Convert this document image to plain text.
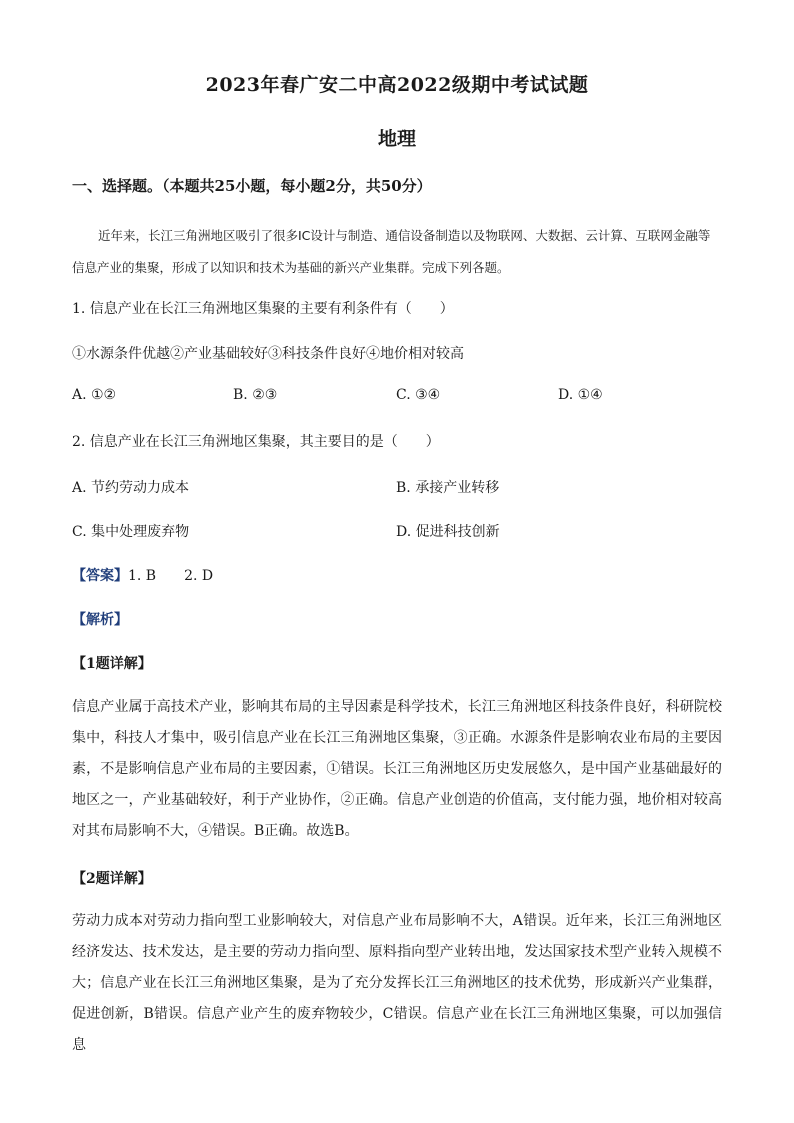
2023年春广安二中高2022级期中考试试题
地理
一、选择题。（本题共25小题，每小题2分，共50分）
近年来，长江三角洲地区吸引了很多IC设计与制造、通信设备制造以及物联网、大数据、云计算、互联网金融等信息产业的集聚，形成了以知识和技术为基础的新兴产业集群。完成下列各题。
1. 信息产业在长江三角洲地区集聚的主要有利条件有（　　）
①水源条件优越②产业基础较好③科技条件良好④地价相对较高
A. ①②	B. ②③	C. ③④	D. ①④
2. 信息产业在长江三角洲地区集聚，其主要目的是（　　）
A. 节约劳动力成本	B. 承接产业转移
C. 集中处理废弃物	D. 促进科技创新
【答案】1. B　　2. D
【解析】
【1题详解】
信息产业属于高技术产业，影响其布局的主导因素是科学技术，长江三角洲地区科技条件良好，科研院校集中，科技人才集中，吸引信息产业在长江三角洲地区集聚，③正确。水源条件是影响农业布局的主要因素，不是影响信息产业布局的主要因素，①错误。长江三角洲地区历史发展悠久，是中国产业基础最好的地区之一，产业基础较好，利于产业协作，②正确。信息产业创造的价值高，支付能力强，地价相对较高对其布局影响不大，④错误。B正确。故选B。
【2题详解】
劳动力成本对劳动力指向型工业影响较大，对信息产业布局影响不大，A错误。近年来，长江三角洲地区经济发达、技术发达，是主要的劳动力指向型、原料指向型产业转出地，发达国家技术型产业转入规模不大；信息产业在长江三角洲地区集聚，是为了充分发挥长江三角洲地区的技术优势，形成新兴产业集群，促进创新，B错误。信息产业产生的废弃物较少，C错误。信息产业在长江三角洲地区集聚，可以加强信息
